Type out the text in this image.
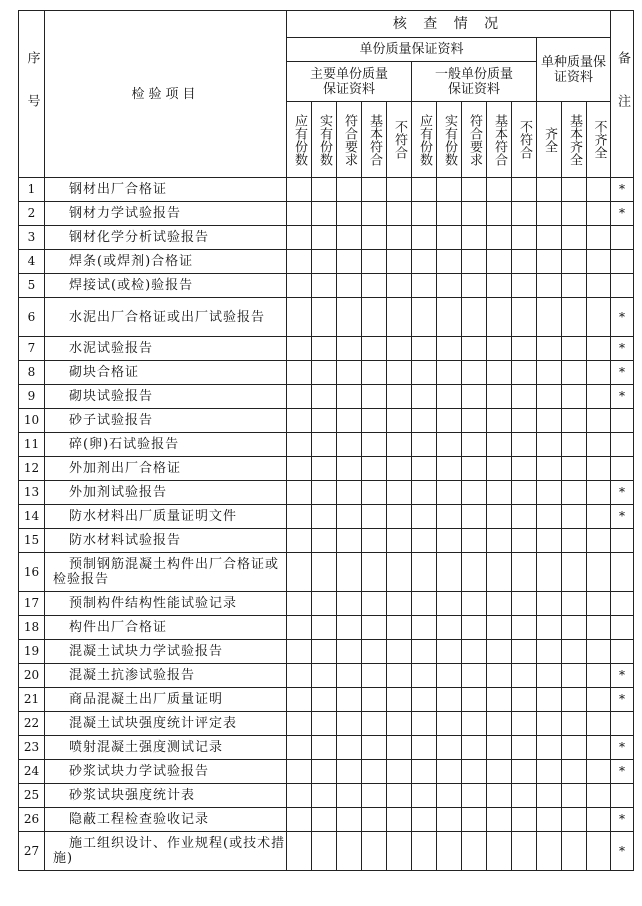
序号	检验项目	核 查 情 况													备注

		单份质量保证资料										单种质量保证资料			
		主要单份质量保证资料					一般单份质量保证资料								

		应有份数	实有份数	符合要求	基本符合	不符合	应有份数	实有份数	符合要求	基本符合	不符合	齐全	基本齐全	不齐全	

1	钢材出厂合格证														*
2	钢材力学试验报告														*
3	钢材化学分析试验报告														
4	焊条(或焊剂)合格证														
5	焊接试(或检)验报告														
6	水泥出厂合格证或出厂试验报告														*
7	水泥试验报告														*
8	砌块合格证														*
9	砌块试验报告														*
10	砂子试验报告														
11	碎(卵)石试验报告														
12	外加剂出厂合格证														
13	外加剂试验报告														*
14	防水材料出厂质量证明文件														*
15	防水材料试验报告														
16	预制钢筋混凝土构件出厂合格证或检验报告														
17	预制构件结构性能试验记录														
18	构件出厂合格证														
19	混凝土试块力学试验报告														
20	混凝土抗渗试验报告														*
21	商品混凝土出厂质量证明														*
22	混凝土试块强度统计评定表														
23	喷射混凝土强度测试记录														*
24	砂浆试块力学试验报告														*
25	砂浆试块强度统计表														
26	隐蔽工程检查验收记录														*
27	施工组织设计、作业规程(或技术措施)														*
